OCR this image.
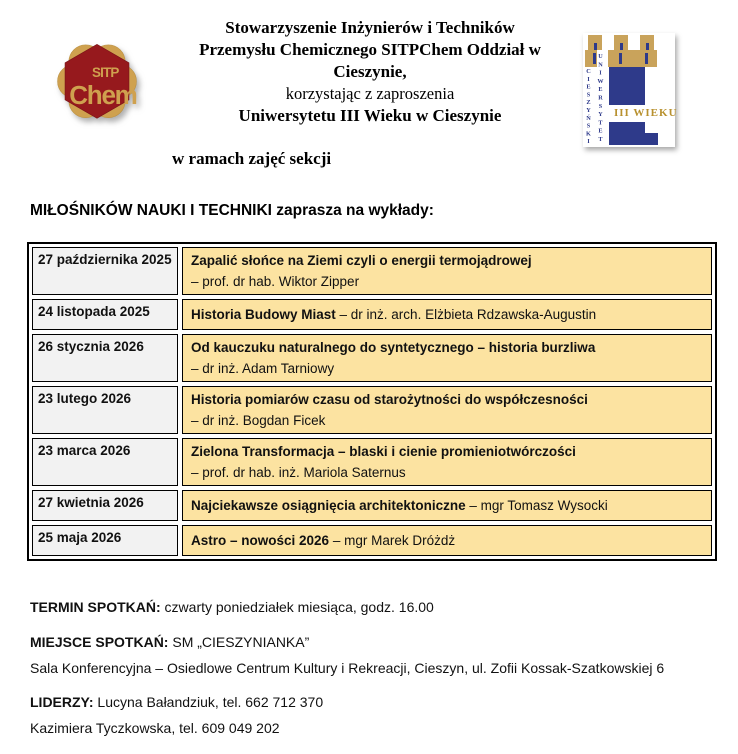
SITP
Chem
Stowarzyszenie Inżynierów i Techników
Przemysłu Chemicznego SITPChem Oddział w
Cieszynie,
korzystając z zaproszenia
Uniwersytetu III Wieku w Cieszynie	CIESZYŃSKI UNIWERSYTET III WIEKU
w ramach zajęć sekcji
MIŁOŚNIKÓW NAUKI I TECHNIKI zaprasza na wykłady:
27 października 2025	Zapalić słońce na Ziemi czyli o energii termojądrowej
– prof. dr hab. Wiktor Zipper
24 listopada 2025	Historia Budowy Miast – dr inż. arch. Elżbieta Rdzawska-Augustin
26 stycznia 2026	Od kauczuku naturalnego do syntetycznego – historia burzliwa
– dr inż. Adam Tarniowy
23 lutego 2026	Historia pomiarów czasu od starożytności do współczesności
– dr inż. Bogdan Ficek
23 marca 2026	Zielona Transformacja – blaski i cienie promieniotwórczości
– prof. dr hab. inż. Mariola Saternus
27 kwietnia 2026	Najciekawsze osiągnięcia architektoniczne – mgr Tomasz Wysocki
25 maja 2026	Astro – nowości 2026 – mgr Marek Dróżdż
TERMIN SPOTKAŃ: czwarty poniedziałek miesiąca, godz. 16.00
MIEJSCE SPOTKAŃ: SM „CIESZYNIANKA”
Sala Konferencyjna – Osiedlowe Centrum Kultury i Rekreacji, Cieszyn, ul. Zofii Kossak-Szatkowskiej 6
LIDERZY: Lucyna Bałandziuk, tel. 662 712 370
Kazimiera Tyczkowska, tel. 609 049 202
